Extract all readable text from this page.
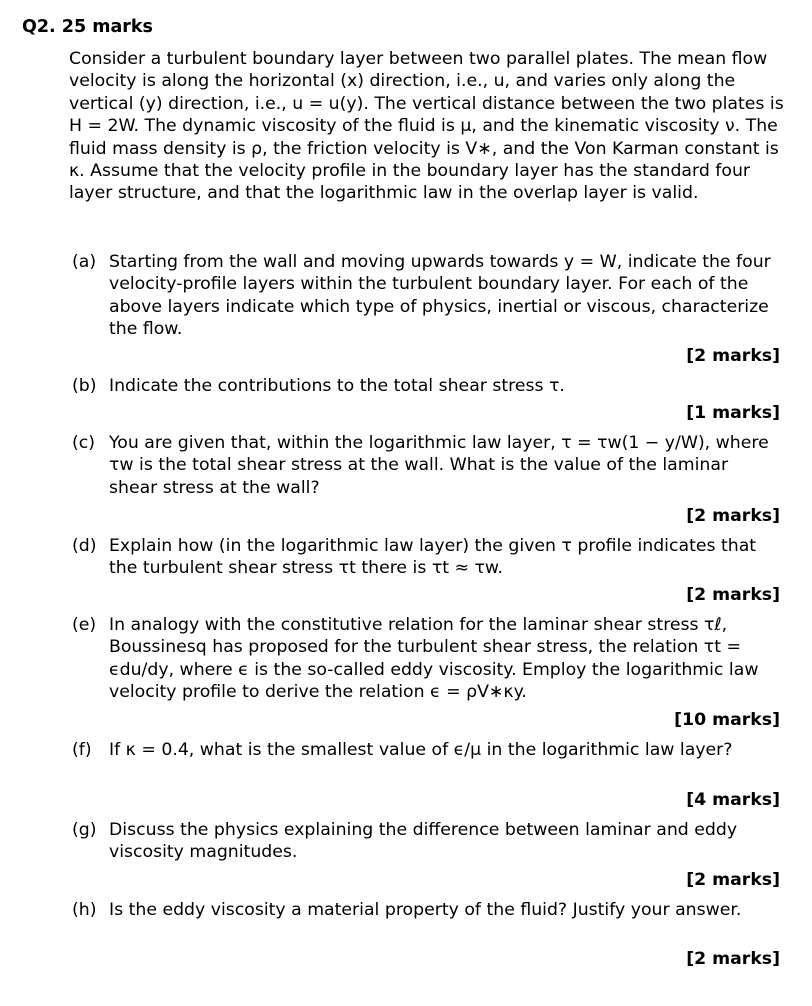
Q2. 25 marks

Consider a turbulent boundary layer between two parallel plates. The mean flow velocity is along the horizontal (x) direction, i.e., u, and varies only along the vertical (y) direction, i.e., u = u(y). The vertical distance between the two plates is H = 2W. The dynamic viscosity of the fluid is μ, and the kinematic viscosity ν. The fluid mass density is ρ, the friction velocity is V∗, and the Von Karman constant is κ. Assume that the velocity profile in the boundary layer has the standard four layer structure, and that the logarithmic law in the overlap layer is valid.

(a) Starting from the wall and moving upwards towards y = W, indicate the four velocity-profile layers within the turbulent boundary layer. For each of the above layers indicate which type of physics, inertial or viscous, characterize the flow.
[2 marks]
(b) Indicate the contributions to the total shear stress τ.
[1 marks]
(c) You are given that, within the logarithmic law layer, τ = τw(1 − y/W), where τw is the total shear stress at the wall. What is the value of the laminar shear stress at the wall?
[2 marks]
(d) Explain how (in the logarithmic law layer) the given τ profile indicates that the turbulent shear stress τt there is τt ≈ τw.
[2 marks]
(e) In analogy with the constitutive relation for the laminar shear stress τℓ, Boussinesq has proposed for the turbulent shear stress, the relation τt = ϵdu/dy, where ϵ is the so-called eddy viscosity. Employ the logarithmic law velocity profile to derive the relation ϵ = ρV∗κy.
[10 marks]
(f)	If κ = 0.4, what is the smallest value of ϵ/μ in the logarithmic law layer?
[4 marks]
(g) Discuss the physics explaining the difference between laminar and eddy viscosity magnitudes.
[2 marks]
(h) Is the eddy viscosity a material property of the fluid? Justify your answer.
[2 marks]
